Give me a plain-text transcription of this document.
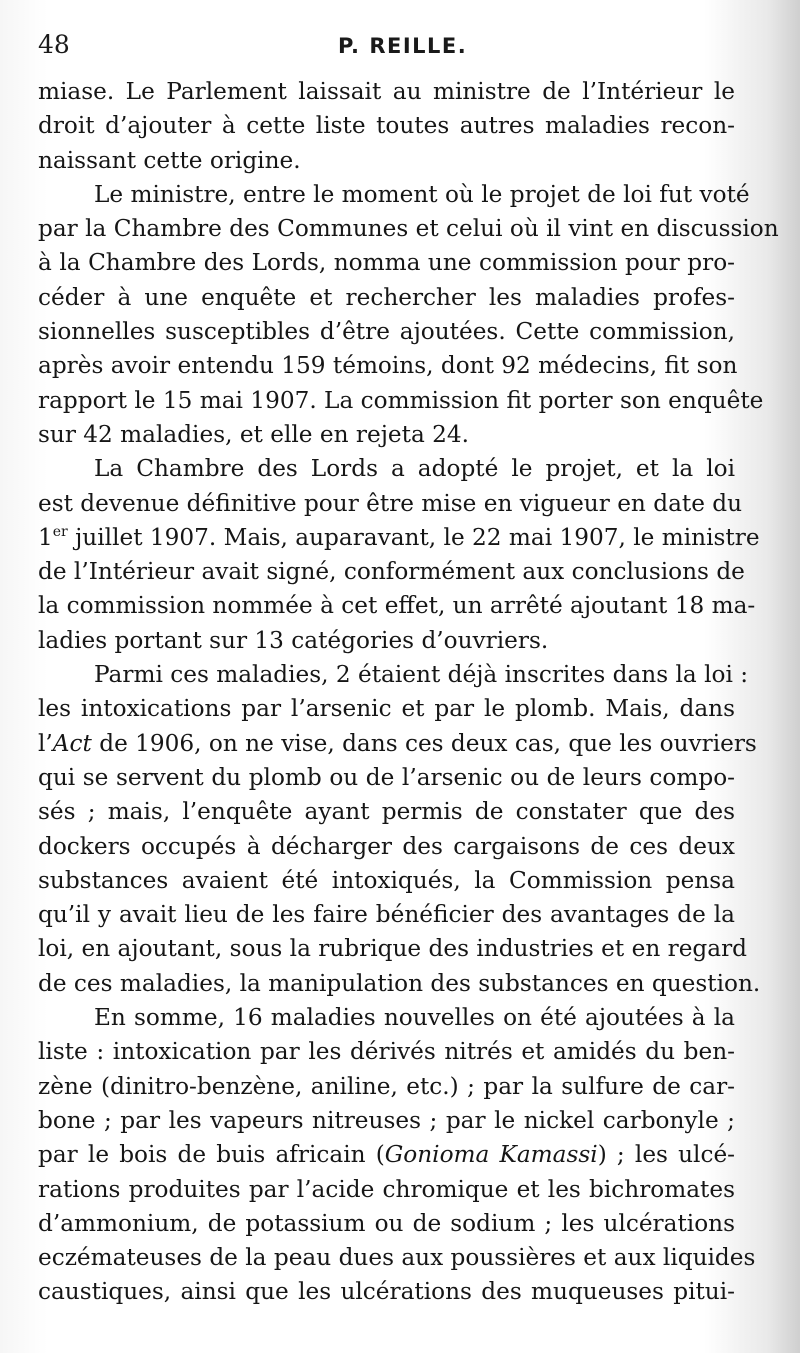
48	P. REILLE.
miase. Le Parlement laissait au ministre de l’Intérieur le
droit d’ajouter à cette liste toutes autres maladies recon-
naissant cette origine.
Le ministre, entre le moment où le projet de loi fut voté
par la Chambre des Communes et celui où il vint en discussion
à la Chambre des Lords, nomma une commission pour pro-
céder à une enquête et rechercher les maladies profes-
sionnelles susceptibles d’être ajoutées. Cette commission,
après avoir entendu 159 témoins, dont 92 médecins, fit son
rapport le 15 mai 1907. La commission fit porter son enquête
sur 42 maladies, et elle en rejeta 24.
La Chambre des Lords a adopté le projet, et la loi
est devenue définitive pour être mise en vigueur en date du
1er juillet 1907. Mais, auparavant, le 22 mai 1907, le ministre
de l’Intérieur avait signé, conformément aux conclusions de
la commission nommée à cet effet, un arrêté ajoutant 18 ma-
ladies portant sur 13 catégories d’ouvriers.
Parmi ces maladies, 2 étaient déjà inscrites dans la loi :
les intoxications par l’arsenic et par le plomb. Mais, dans
l’Act de 1906, on ne vise, dans ces deux cas, que les ouvriers
qui se servent du plomb ou de l’arsenic ou de leurs compo-
sés ; mais, l’enquête ayant permis de constater que des
dockers occupés à décharger des cargaisons de ces deux
substances avaient été intoxiqués, la Commission pensa
qu’il y avait lieu de les faire bénéficier des avantages de la
loi, en ajoutant, sous la rubrique des industries et en regard
de ces maladies, la manipulation des substances en question.
En somme, 16 maladies nouvelles on été ajoutées à la
liste : intoxication par les dérivés nitrés et amidés du ben-
zène (dinitro-benzène, aniline, etc.) ; par la sulfure de car-
bone ; par les vapeurs nitreuses ; par le nickel carbonyle ;
par le bois de buis africain (Gonioma Kamassi) ; les ulcé-
rations produites par l’acide chromique et les bichromates
d’ammonium, de potassium ou de sodium ; les ulcérations
eczémateuses de la peau dues aux poussières et aux liquides
caustiques, ainsi que les ulcérations des muqueuses pitui-
